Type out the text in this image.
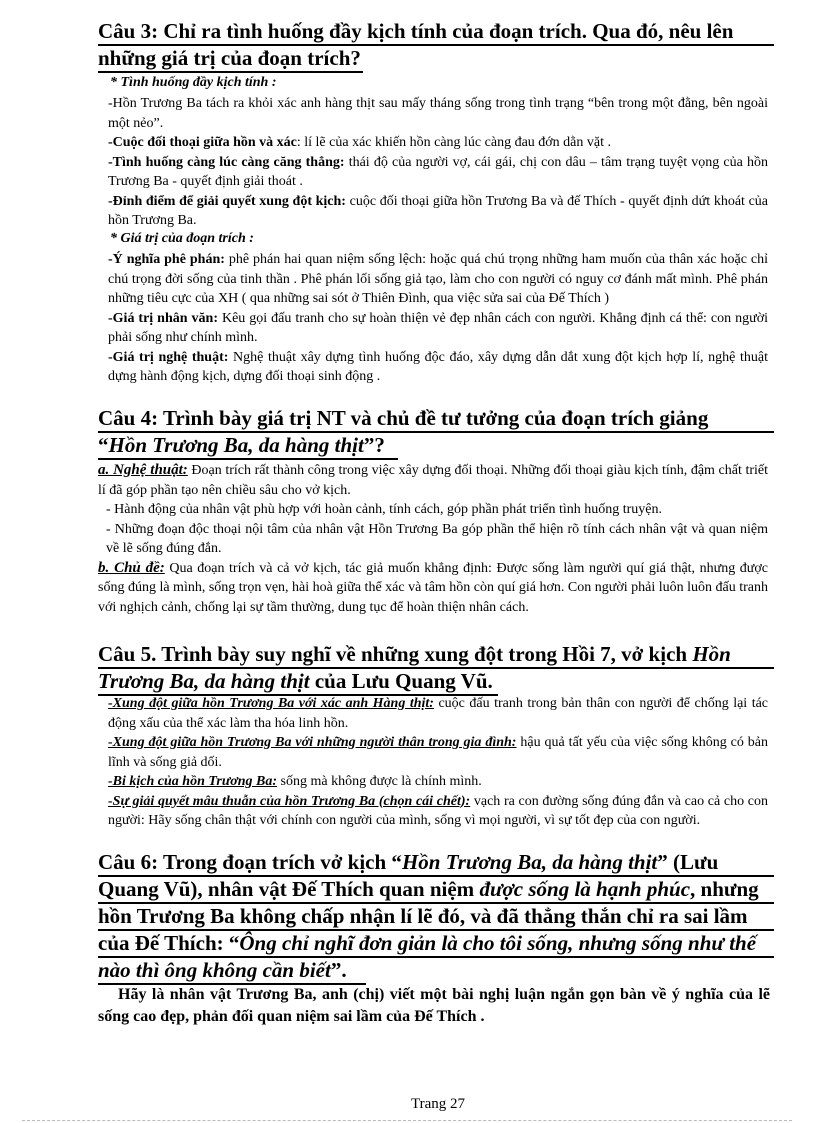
Câu 3: Chỉ ra tình huống đầy kịch tính của đoạn trích. Qua đó, nêu lên
những giá trị của đoạn trích?
* Tình huống đầy kịch tính :
-Hồn Trương Ba tách ra khỏi xác anh hàng thịt sau mấy tháng sống trong tình trạng “bên trong một đằng, bên ngoài một nẻo”.
-Cuộc đối thoại giữa hồn và xác: lí lẽ của xác khiến hồn càng lúc càng đau đớn dằn vặt .
-Tình huống càng lúc càng căng thẳng: thái độ của người vợ, cái gái, chị con dâu – tâm trạng tuyệt vọng của hồn Trương Ba - quyết định giải thoát .
-Đỉnh điểm để giải quyết xung đột kịch: cuộc đối thoại giữa hồn Trương Ba và đế Thích - quyết định dứt khoát của hồn Trương Ba.
* Giá trị của đoạn trích :
-Ý nghĩa phê phán: phê phán hai quan niệm sống lệch: hoặc quá chú trọng những ham muốn của thân xác hoặc chỉ chú trọng đời sống của tinh thần . Phê phán lối sống giả tạo, làm cho con người có nguy cơ đánh mất mình. Phê phán những tiêu cực của XH ( qua những sai sót ở Thiên Đình, qua việc sửa sai của Đế Thích )
-Giá trị nhân văn: Kêu gọi đấu tranh cho sự hoàn thiện vẻ đẹp nhân cách con người. Khẳng định cá thể: con người phải sống như chính mình.
-Giá trị nghệ thuật: Nghệ thuật xây dựng tình huống độc đáo, xây dựng dẫn dắt xung đột kịch hợp lí, nghệ thuật dựng hành động kịch, dựng đối thoại sinh động .
Câu 4: Trình bày giá trị NT và chủ đề tư tưởng của đoạn trích giảng
“Hồn Trương Ba, da hàng thịt”?
a. Nghệ thuật: Đoạn trích rất thành công trong việc xây dựng đối thoại. Những đối thoại giàu kịch tính, đậm chất triết lí đã góp phần tạo nên chiều sâu cho vở kịch.
- Hành động của nhân vật phù hợp với hoàn cảnh, tính cách, góp phần phát triển tình huống truyện.
- Những đoạn độc thoại nội tâm của nhân vật Hồn Trương Ba góp phần thể hiện rõ tính cách nhân vật và quan niệm về lẽ sống đúng đắn.
b. Chủ đề: Qua đoạn trích và cả vở kịch, tác giả muốn khẳng định: Được sống làm người quí giá thật, nhưng được sống đúng là mình, sống trọn vẹn, hài hoà giữa thể xác và tâm hồn còn quí giá hơn. Con người phải luôn luôn đấu tranh với nghịch cảnh, chống lại sự tầm thường, dung tục để hoàn thiện nhân cách.
Câu 5. Trình bày suy nghĩ về những xung đột trong Hồi 7, vở kịch Hồn
Trương Ba, da hàng thịt của Lưu Quang Vũ.
-Xung đột giữa hồn Trương Ba với xác anh Hàng thịt: cuộc đấu tranh trong bản thân con người để chống lại tác động xấu của thể xác làm tha hóa linh hồn.
-Xung đột giữa hồn Trương Ba với những người thân trong gia đình: hậu quả tất yếu của việc sống không có bản lĩnh và sống giả dối.
-Bi kịch của hồn Trương Ba: sống mà không được là chính mình.
-Sự giải quyết mâu thuẫn của hồn Trương Ba (chọn cái chết): vạch ra con đường sống đúng đắn và cao cả cho con người: Hãy sống chân thật với chính con người của mình, sống vì mọi người, vì sự tốt đẹp của con người.
Câu 6: Trong đoạn trích vở kịch “Hồn Trương Ba, da hàng thịt” (Lưu
Quang Vũ), nhân vật Đế Thích quan niệm được sống là hạnh phúc, nhưng
hồn Trương Ba không chấp nhận lí lẽ đó, và đã thẳng thắn chỉ ra sai lầm
của Đế Thích: “Ông chỉ nghĩ đơn giản là cho tôi sống, nhưng sống như thế
nào thì ông không cần biết”.
Hãy là nhân vật Trương Ba, anh (chị) viết một bài nghị luận ngắn gọn bàn về ý nghĩa của lẽ sống cao đẹp, phản đối quan niệm sai lầm của Đế Thích .
Trang 27
